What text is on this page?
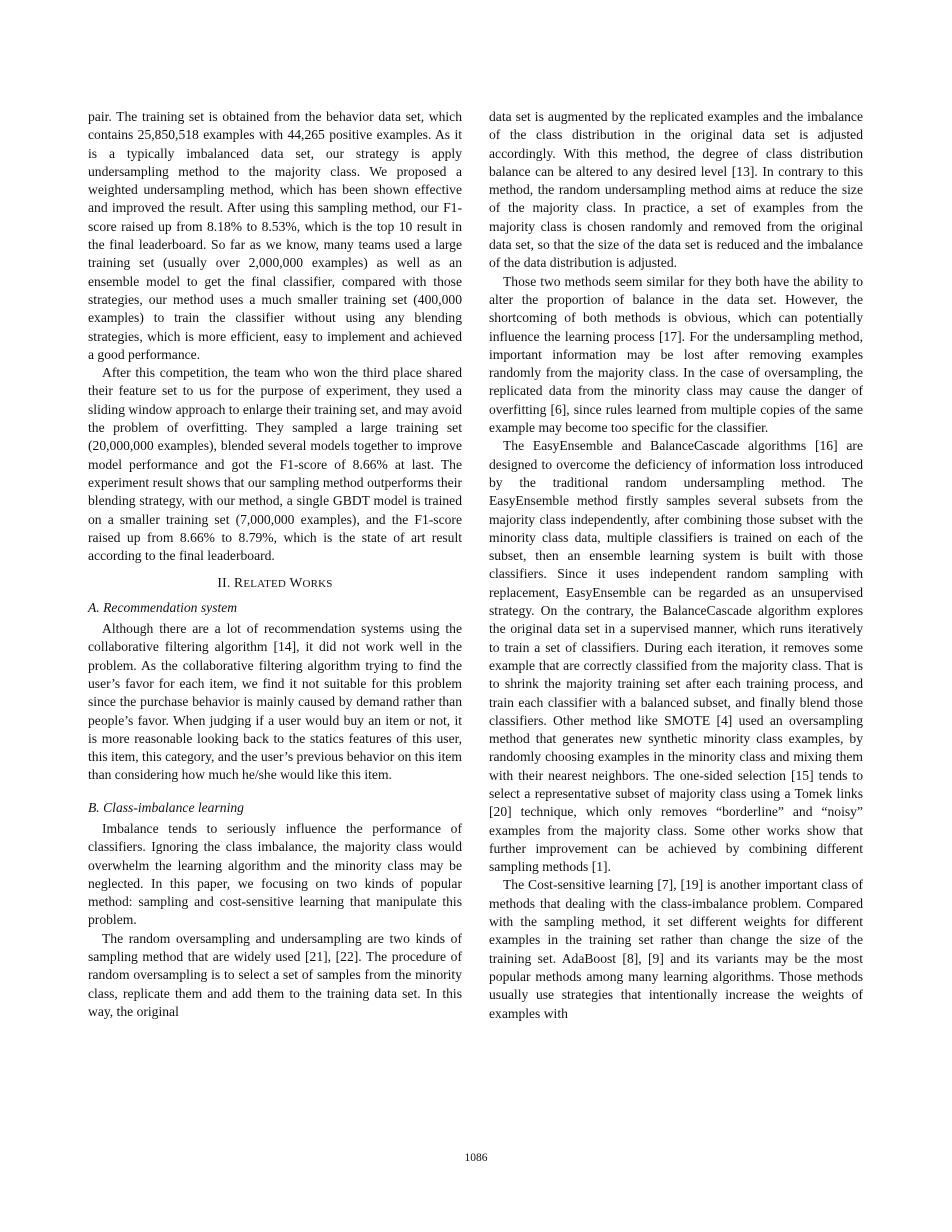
pair. The training set is obtained from the behavior data set, which contains 25,850,518 examples with 44,265 positive examples. As it is a typically imbalanced data set, our strategy is apply undersampling method to the majority class. We proposed a weighted undersampling method, which has been shown effective and improved the result. After using this sampling method, our F1-score raised up from 8.18% to 8.53%, which is the top 10 result in the final leaderboard. So far as we know, many teams used a large training set (usually over 2,000,000 examples) as well as an ensemble model to get the final classifier, compared with those strategies, our method uses a much smaller training set (400,000 examples) to train the classifier without using any blending strategies, which is more efficient, easy to implement and achieved a good performance.

After this competition, the team who won the third place shared their feature set to us for the purpose of experiment, they used a sliding window approach to enlarge their training set, and may avoid the problem of overfitting. They sampled a large training set (20,000,000 examples), blended several models together to improve model performance and got the F1-score of 8.66% at last. The experiment result shows that our sampling method outperforms their blending strategy, with our method, a single GBDT model is trained on a smaller training set (7,000,000 examples), and the F1-score raised up from 8.66% to 8.79%, which is the state of art result according to the final leaderboard.

II. RELATED WORKS
A. Recommendation system

Although there are a lot of recommendation systems using the collaborative filtering algorithm [14], it did not work well in the problem. As the collaborative filtering algorithm trying to find the user’s favor for each item, we find it not suitable for this problem since the purchase behavior is mainly caused by demand rather than people’s favor. When judging if a user would buy an item or not, it is more reasonable looking back to the statics features of this user, this item, this category, and the user’s previous behavior on this item than considering how much he/she would like this item.

B. Class-imbalance learning

Imbalance tends to seriously influence the performance of classifiers. Ignoring the class imbalance, the majority class would overwhelm the learning algorithm and the minority class may be neglected. In this paper, we focusing on two kinds of popular method: sampling and cost-sensitive learning that manipulate this problem.

The random oversampling and undersampling are two kinds of sampling method that are widely used [21], [22]. The procedure of random oversampling is to select a set of samples from the minority class, replicate them and add them to the training data set. In this way, the original

data set is augmented by the replicated examples and the imbalance of the class distribution in the original data set is adjusted accordingly. With this method, the degree of class distribution balance can be altered to any desired level [13]. In contrary to this method, the random undersampling method aims at reduce the size of the majority class. In practice, a set of examples from the majority class is chosen randomly and removed from the original data set, so that the size of the data set is reduced and the imbalance of the data distribution is adjusted.

Those two methods seem similar for they both have the ability to alter the proportion of balance in the data set. However, the shortcoming of both methods is obvious, which can potentially influence the learning process [17]. For the undersampling method, important information may be lost after removing examples randomly from the majority class. In the case of oversampling, the replicated data from the minority class may cause the danger of overfitting [6], since rules learned from multiple copies of the same example may become too specific for the classifier.

The EasyEnsemble and BalanceCascade algorithms [16] are designed to overcome the deficiency of information loss introduced by the traditional random undersampling method. The EasyEnsemble method firstly samples several subsets from the majority class independently, after combining those subset with the minority class data, multiple classifiers is trained on each of the subset, then an ensemble learning system is built with those classifiers. Since it uses independent random sampling with replacement, EasyEnsemble can be regarded as an unsupervised strategy. On the contrary, the BalanceCascade algorithm explores the original data set in a supervised manner, which runs iteratively to train a set of classifiers. During each iteration, it removes some example that are correctly classified from the majority class. That is to shrink the majority training set after each training process, and train each classifier with a balanced subset, and finally blend those classifiers. Other method like SMOTE [4] used an oversampling method that generates new synthetic minority class examples, by randomly choosing examples in the minority class and mixing them with their nearest neighbors. The one-sided selection [15] tends to select a representative subset of majority class using a Tomek links [20] technique, which only removes “borderline” and “noisy” examples from the majority class. Some other works show that further improvement can be achieved by combining different sampling methods [1].

The Cost-sensitive learning [7], [19] is another important class of methods that dealing with the class-imbalance problem. Compared with the sampling method, it set different weights for different examples in the training set rather than change the size of the training set. AdaBoost [8], [9] and its variants may be the most popular methods among many learning algorithms. Those methods usually use strategies that intentionally increase the weights of examples with

1086
